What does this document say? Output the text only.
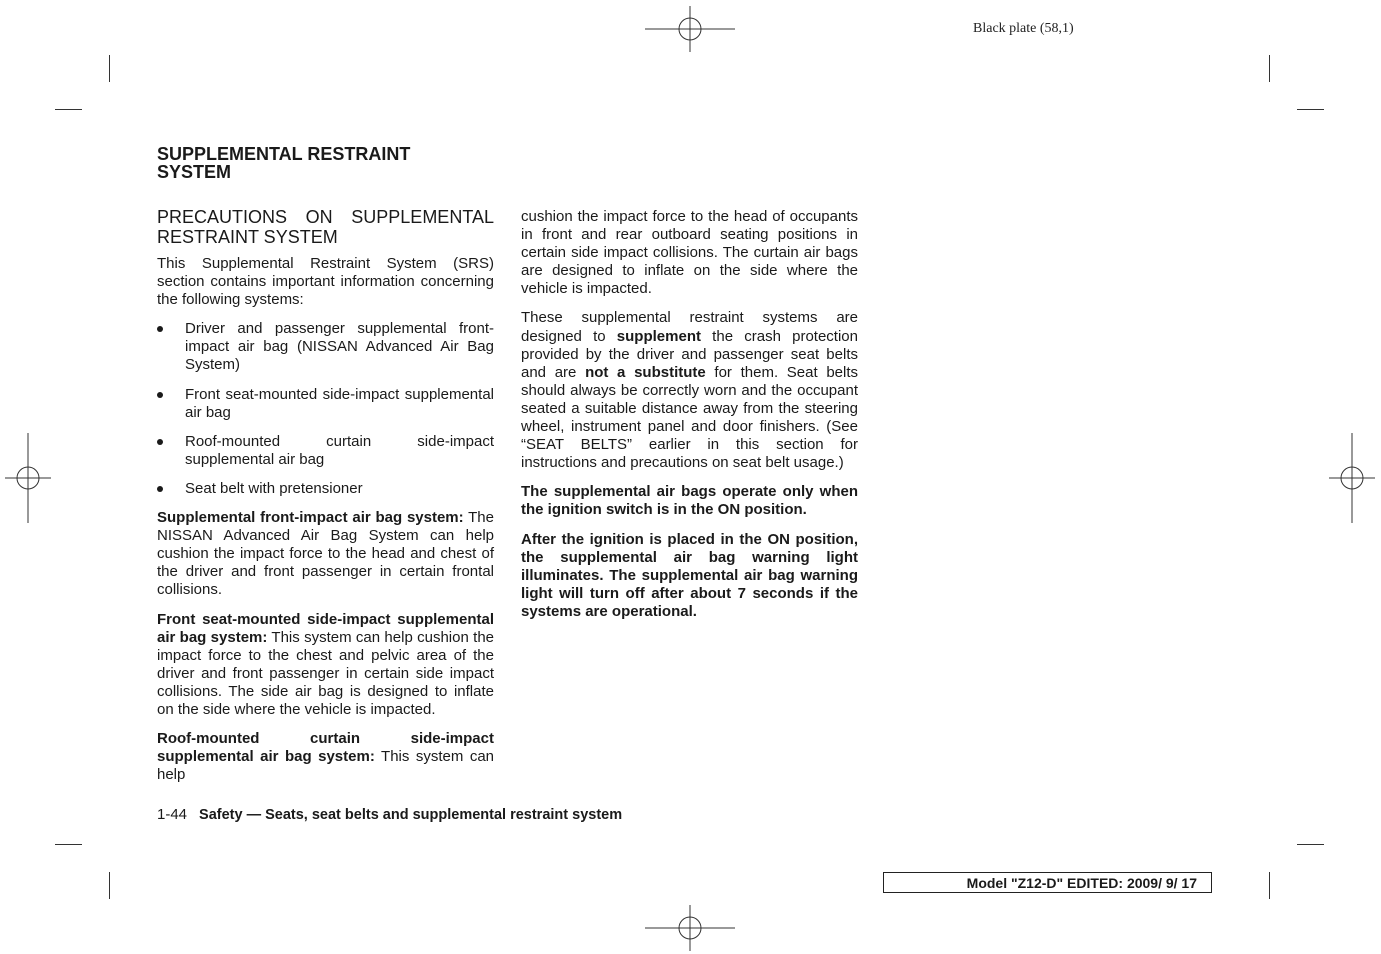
Black plate (58,1)
SUPPLEMENTAL RESTRAINT SYSTEM
PRECAUTIONS ON SUPPLEMENTAL RESTRAINT SYSTEM

This Supplemental Restraint System (SRS) section contains important information concerning the following systems:

Driver and passenger supplemental front-impact air bag (NISSAN Advanced Air Bag System)
Front seat-mounted side-impact supplemental air bag
Roof-mounted curtain side-impact supplemental air bag
Seat belt with pretensioner

Supplemental front-impact air bag system: The NISSAN Advanced Air Bag System can help cushion the impact force to the head and chest of the driver and front passenger in certain frontal collisions.

Front seat-mounted side-impact supplemental air bag system: This system can help cushion the impact force to the chest and pelvic area of the driver and front passenger in certain side impact collisions. The side air bag is designed to inflate on the side where the vehicle is impacted.

Roof-mounted curtain side-impact supplemental air bag system: This system can help

cushion the impact force to the head of occupants in front and rear outboard seating positions in certain side impact collisions. The curtain air bags are designed to inflate on the side where the vehicle is impacted.

These supplemental restraint systems are designed to supplement the crash protection provided by the driver and passenger seat belts and are not a substitute for them. Seat belts should always be correctly worn and the occupant seated a suitable distance away from the steering wheel, instrument panel and door finishers. (See “SEAT BELTS” earlier in this section for instructions and precautions on seat belt usage.)

The supplemental air bags operate only when the ignition switch is in the ON position.

After the ignition is placed in the ON position, the supplemental air bag warning light illuminates. The supplemental air bag warning light will turn off after about 7 seconds if the systems are operational.

1-44 Safety — Seats, seat belts and supplemental restraint system
Model "Z12-D" EDITED: 2009/ 9/ 17
